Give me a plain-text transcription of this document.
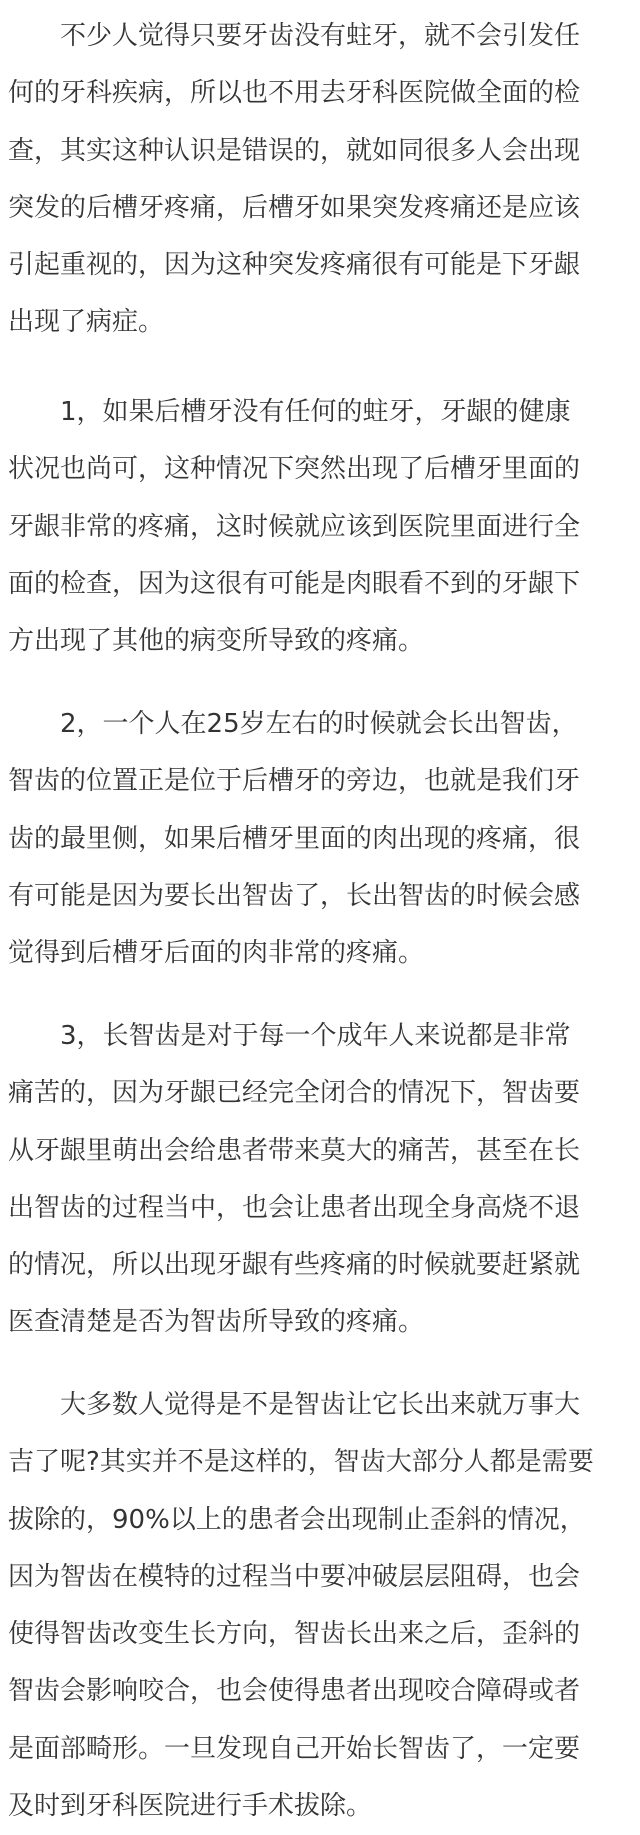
不少人觉得只要牙齿没有蛀牙，就不会引发任
何的牙科疾病，所以也不用去牙科医院做全面的检
查，其实这种认识是错误的，就如同很多人会出现
突发的后槽牙疼痛，后槽牙如果突发疼痛还是应该
引起重视的，因为这种突发疼痛很有可能是下牙龈
出现了病症。

1，如果后槽牙没有任何的蛀牙，牙龈的健康
状况也尚可，这种情况下突然出现了后槽牙里面的
牙龈非常的疼痛，这时候就应该到医院里面进行全
面的检查，因为这很有可能是肉眼看不到的牙龈下
方出现了其他的病变所导致的疼痛。

2，一个人在25岁左右的时候就会长出智齿，
智齿的位置正是位于后槽牙的旁边，也就是我们牙
齿的最里侧，如果后槽牙里面的肉出现的疼痛，很
有可能是因为要长出智齿了，长出智齿的时候会感
觉得到后槽牙后面的肉非常的疼痛。

3，长智齿是对于每一个成年人来说都是非常
痛苦的，因为牙龈已经完全闭合的情况下，智齿要
从牙龈里萌出会给患者带来莫大的痛苦，甚至在长
出智齿的过程当中，也会让患者出现全身高烧不退
的情况，所以出现牙龈有些疼痛的时候就要赶紧就
医查清楚是否为智齿所导致的疼痛。

大多数人觉得是不是智齿让它长出来就万事大
吉了呢?其实并不是这样的，智齿大部分人都是需要
拔除的，90%以上的患者会出现制止歪斜的情况，
因为智齿在模特的过程当中要冲破层层阻碍，也会
使得智齿改变生长方向，智齿长出来之后，歪斜的
智齿会影响咬合，也会使得患者出现咬合障碍或者
是面部畸形。一旦发现自己开始长智齿了，一定要
及时到牙科医院进行手术拔除。
